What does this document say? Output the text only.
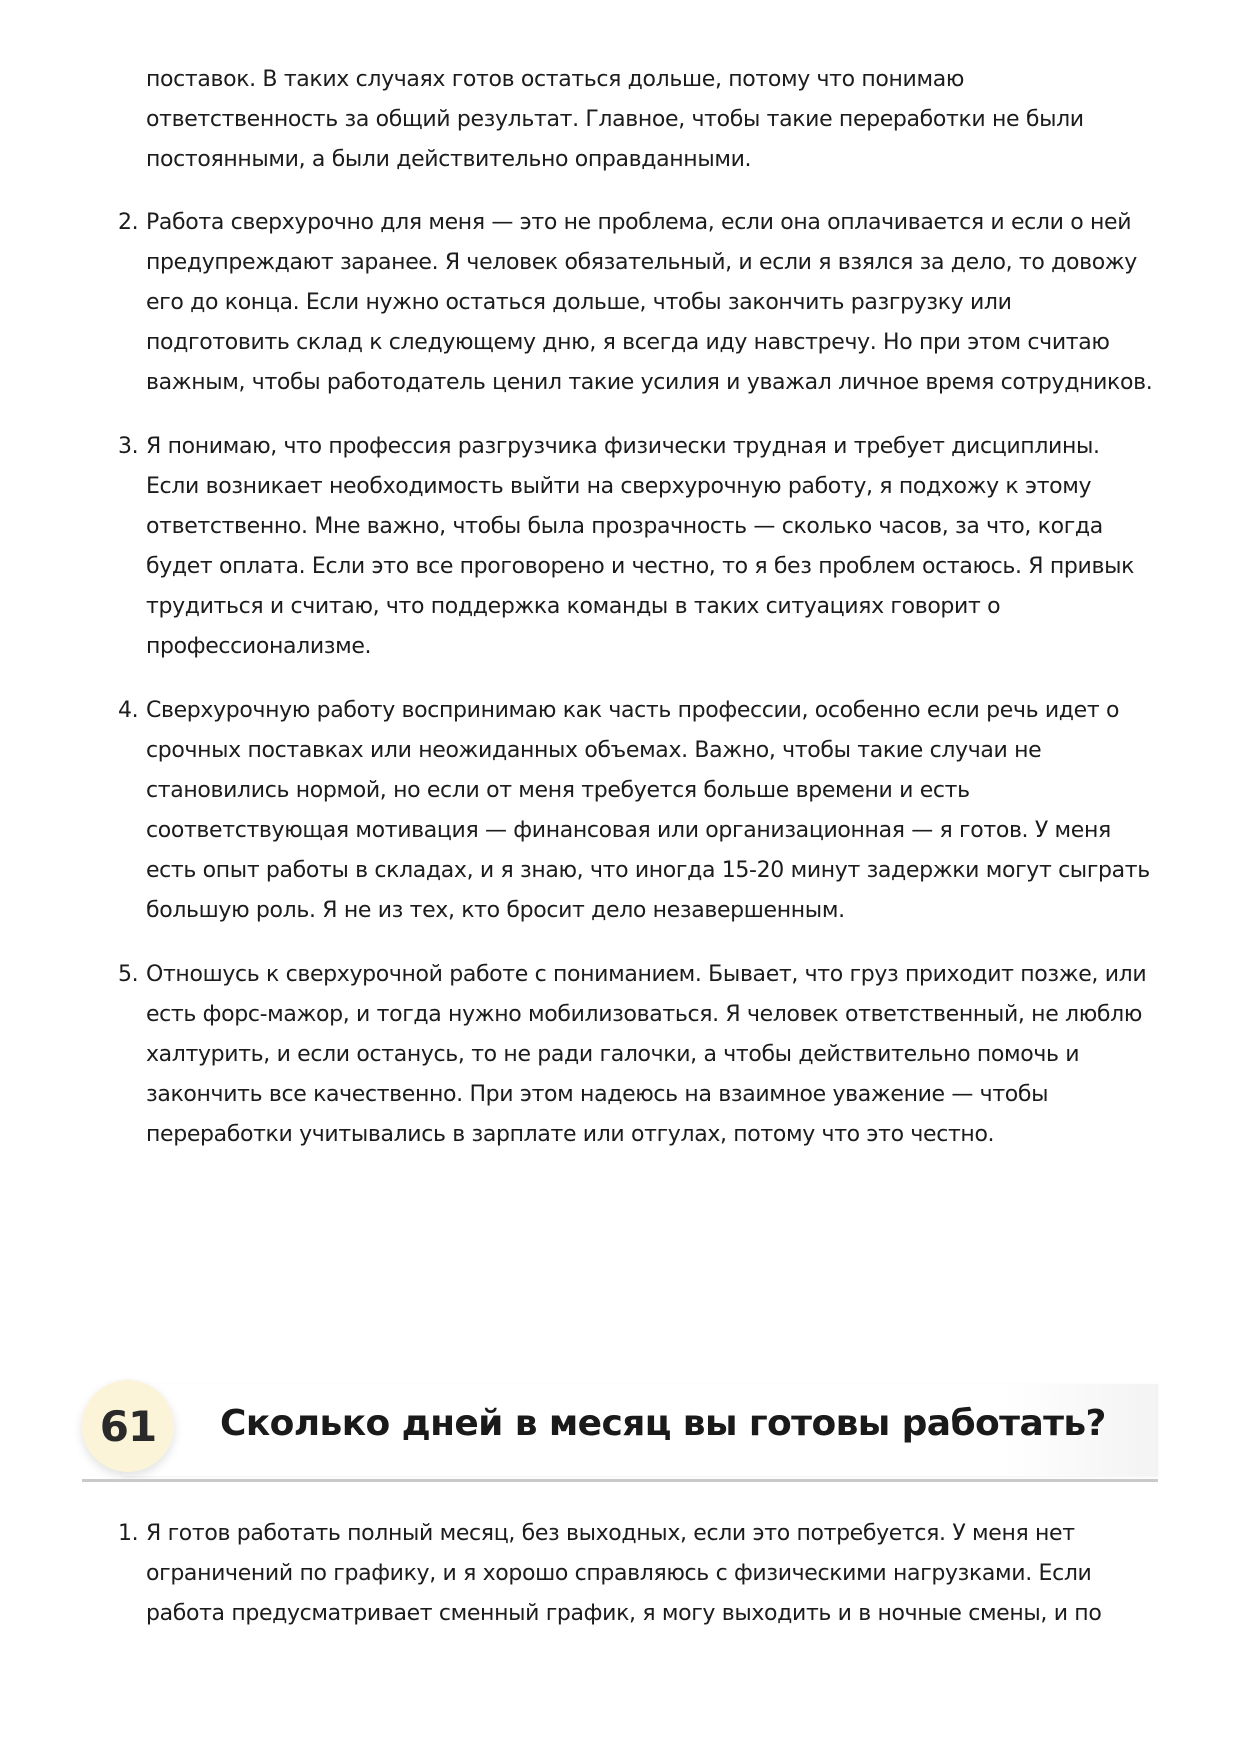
поставок. В таких случаях готов остаться дольше, потому что понимаю ответственность за общий результат. Главное, чтобы такие переработки не были постоянными, а были действительно оправданными.
2. Работа сверхурочно для меня — это не проблема, если она оплачивается и если о ней предупреждают заранее. Я человек обязательный, и если я взялся за дело, то довожу его до конца. Если нужно остаться дольше, чтобы закончить разгрузку или подготовить склад к следующему дню, я всегда иду навстречу. Но при этом считаю важным, чтобы работодатель ценил такие усилия и уважал личное время сотрудников.
3. Я понимаю, что профессия разгрузчика физически трудная и требует дисциплины. Если возникает необходимость выйти на сверхурочную работу, я подхожу к этому ответственно. Мне важно, чтобы была прозрачность — сколько часов, за что, когда будет оплата. Если это все проговорено и честно, то я без проблем остаюсь. Я привык трудиться и считаю, что поддержка команды в таких ситуациях говорит о профессионализме.
4. Сверхурочную работу воспринимаю как часть профессии, особенно если речь идет о срочных поставках или неожиданных объемах. Важно, чтобы такие случаи не становились нормой, но если от меня требуется больше времени и есть соответствующая мотивация — финансовая или организационная — я готов. У меня есть опыт работы в складах, и я знаю, что иногда 15-20 минут задержки могут сыграть большую роль. Я не из тех, кто бросит дело незавершенным.
5. Отношусь к сверхурочной работе с пониманием. Бывает, что груз приходит позже, или есть форс-мажор, и тогда нужно мобилизоваться. Я человек ответственный, не люблю халтурить, и если останусь, то не ради галочки, а чтобы действительно помочь и закончить все качественно. При этом надеюсь на взаимное уважение — чтобы переработки учитывались в зарплате или отгулах, потому что это честно.
61	Сколько дней в месяц вы готовы работать?
1. Я готов работать полный месяц, без выходных, если это потребуется. У меня нет ограничений по графику, и я хорошо справляюсь с физическими нагрузками. Если работа предусматривает сменный график, я могу выходить и в ночные смены, и по
